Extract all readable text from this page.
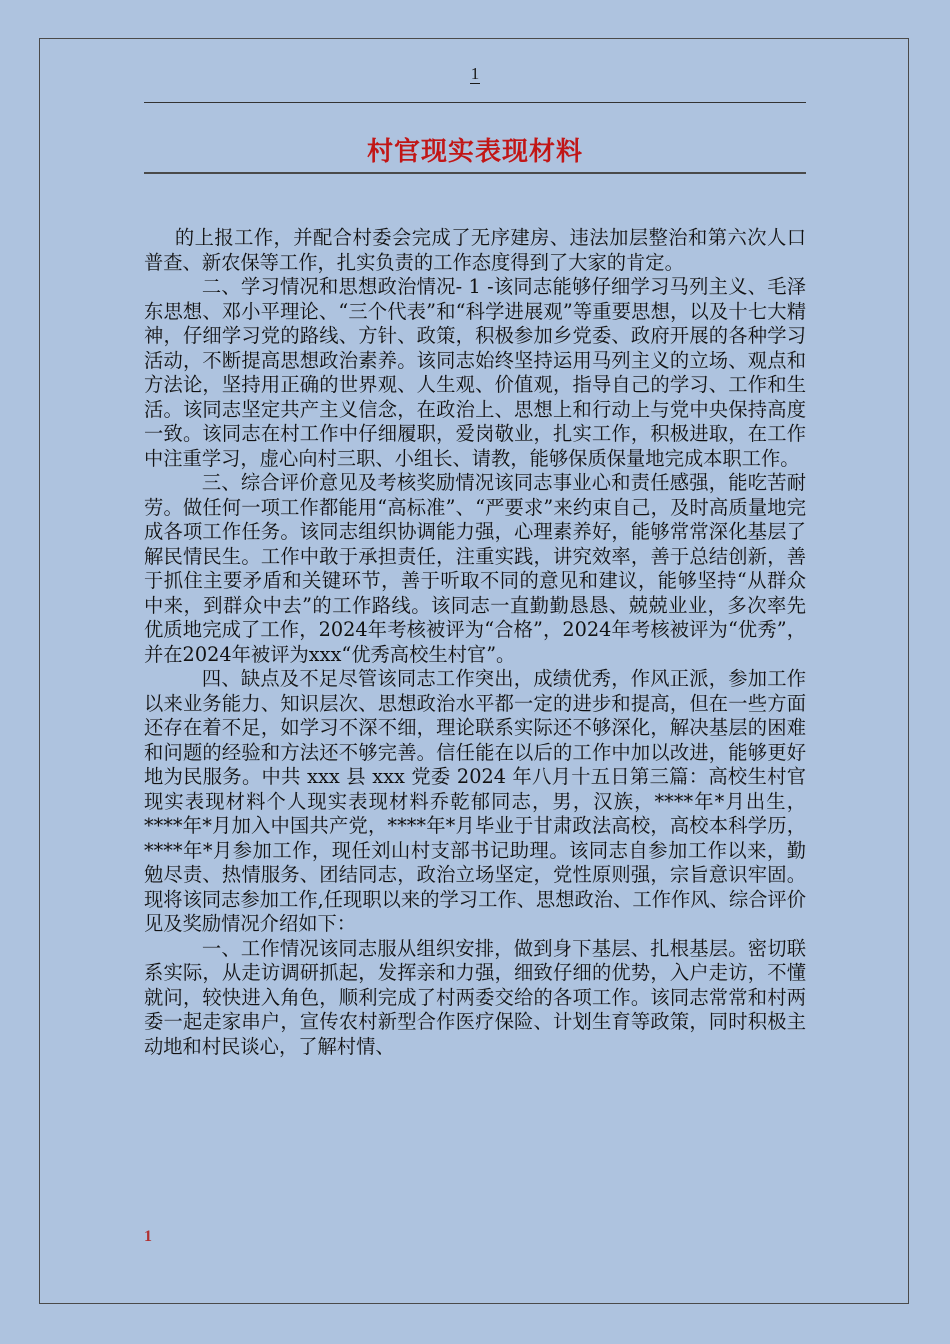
1
村官现实表现材料

的上报工作，并配合村委会完成了无序建房、违法加层整治和第六次人口普查、新农保等工作，扎实负责的工作态度得到了大家的肯定。

二、学习情况和思想政治情况- 1 -该同志能够仔细学习马列主义、毛泽东思想、邓小平理论、“三个代表”和“科学进展观”等重要思想，以及十七大精神，仔细学习党的路线、方针、政策，积极参加乡党委、政府开展的各种学习活动，不断提高思想政治素养。该同志始终坚持运用马列主义的立场、观点和方法论，坚持用正确的世界观、人生观、价值观，指导自己的学习、工作和生活。该同志坚定共产主义信念，在政治上、思想上和行动上与党中央保持高度一致。该同志在村工作中仔细履职，爱岗敬业，扎实工作，积极进取，在工作中注重学习，虚心向村三职、小组长、请教，能够保质保量地完成本职工作。

三、综合评价意见及考核奖励情况该同志事业心和责任感强，能吃苦耐劳。做任何一项工作都能用“高标准”、“严要求”来约束自己，及时高质量地完成各项工作任务。该同志组织协调能力强，心理素养好，能够常常深化基层了解民情民生。工作中敢于承担责任，注重实践，讲究效率，善于总结创新，善于抓住主要矛盾和关键环节，善于听取不同的意见和建议，能够坚持“从群众中来，到群众中去”的工作路线。该同志一直勤勤恳恳、兢兢业业，多次率先优质地完成了工作，2024年考核被评为“合格”，2024年考核被评为“优秀”，并在2024年被评为xxx“优秀高校生村官”。

四、缺点及不足尽管该同志工作突出，成绩优秀，作风正派，参加工作以来业务能力、知识层次、思想政治水平都一定的进步和提高，但在一些方面还存在着不足，如学习不深不细，理论联系实际还不够深化，解决基层的困难和问题的经验和方法还不够完善。信任能在以后的工作中加以改进，能够更好地为民服务。中共 xxx 县 xxx 党委 2024 年八月十五日第三篇：高校生村官现实表现材料个人现实表现材料乔乾郁同志，男，汉族，****年*月出生，****年*月加入中国共产党，****年*月毕业于甘肃政法高校，高校本科学历，****年*月参加工作，现任刘山村支部书记助理。该同志自参加工作以来，勤勉尽责、热情服务、团结同志，政治立场坚定，党性原则强，宗旨意识牢固。现将该同志参加工作,任现职以来的学习工作、思想政治、工作作风、综合评价见及奖励情况介绍如下：

一、工作情况该同志服从组织安排，做到身下基层、扎根基层。密切联系实际，从走访调研抓起，发挥亲和力强，细致仔细的优势，入户走访，不懂就问，较快进入角色，顺利完成了村两委交给的各项工作。该同志常常和村两委一起走家串户，宣传农村新型合作医疗保险、计划生育等政策，同时积极主动地和村民谈心，了解村情、

1
